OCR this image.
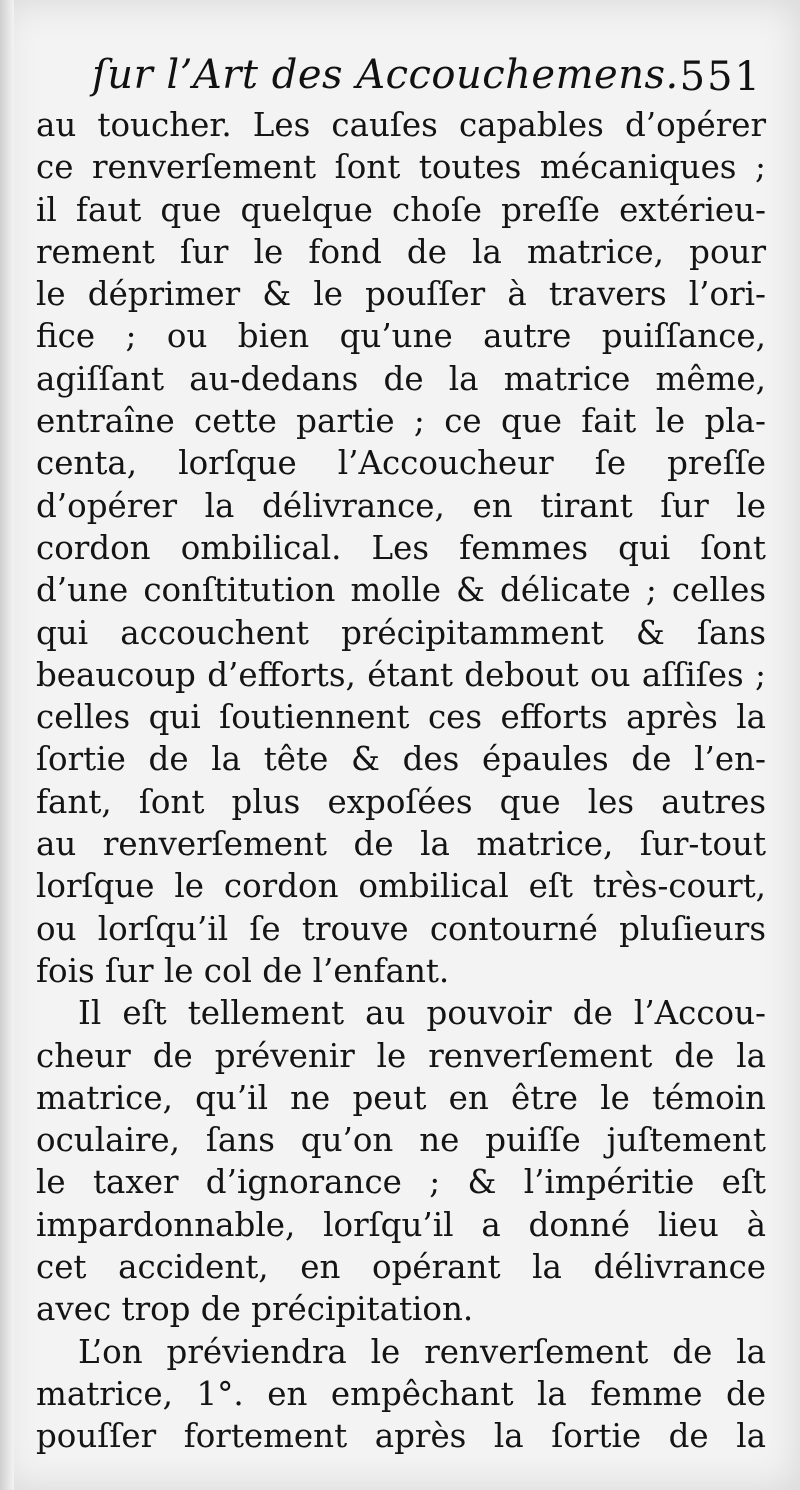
ſur l’Art des Accouchemens. 551
au toucher. Les cauſes capables d’opérer
ce renverſement ſont toutes mécaniques ;
il faut que quelque choſe preſſe extérieu-
rement ſur le fond de la matrice, pour
le déprimer & le pouſſer à travers l’ori-
fice ; ou bien qu’une autre puiſſance,
agiſſant au-dedans de la matrice même,
entraîne cette partie ; ce que fait le pla-
centa, lorſque l’Accoucheur ſe preſſe
d’opérer la délivrance, en tirant ſur le
cordon ombilical. Les femmes qui ſont
d’une conſtitution molle & délicate ; celles
qui accouchent précipitamment & ſans
beaucoup d’efforts, étant debout ou aſſiſes ;
celles qui ſoutiennent ces efforts après la
ſortie de la tête & des épaules de l’en-
fant, ſont plus expoſées que les autres
au renverſement de la matrice, ſur-tout
lorſque le cordon ombilical eſt très-court,
ou lorſqu’il ſe trouve contourné pluſieurs
fois ſur le col de l’enfant.
Il eſt tellement au pouvoir de l’Accou-
cheur de prévenir le renverſement de la
matrice, qu’il ne peut en être le témoin
oculaire, ſans qu’on ne puiſſe juſtement
le taxer d’ignorance ; & l’impéritie eſt
impardonnable, lorſqu’il a donné lieu à
cet accident, en opérant la délivrance
avec trop de précipitation.
L’on préviendra le renverſement de la
matrice, 1°. en empêchant la femme de
pouſſer fortement après la ſortie de la
